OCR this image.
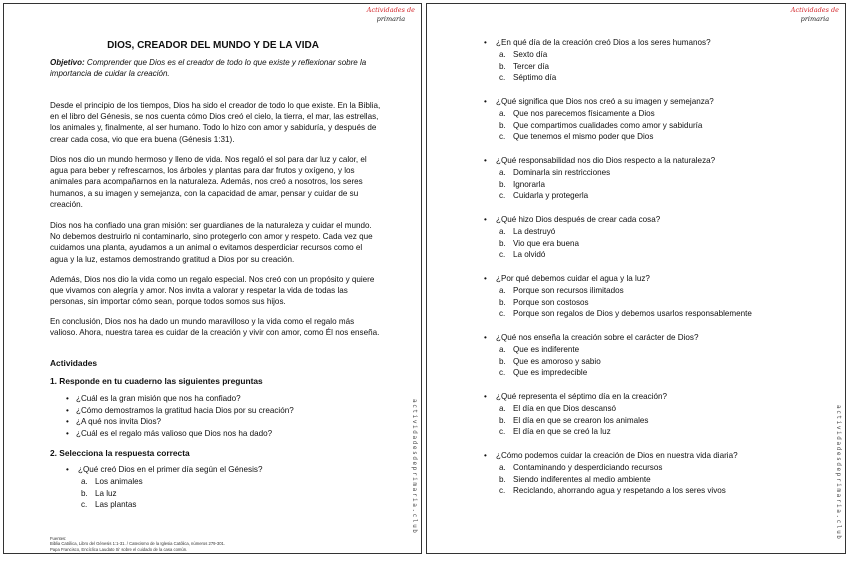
Actividades de
primaria
actividadesdeprimaria.club
DIOS, CREADOR DEL MUNDO Y DE LA VIDA
Objetivo: Comprender que Dios es el creador de todo lo que existe y reflexionar sobre la importancia de cuidar la creación.

Desde el principio de los tiempos, Dios ha sido el creador de todo lo que existe. En la Biblia, en el libro del Génesis, se nos cuenta cómo Dios creó el cielo, la tierra, el mar, las estrellas, los animales y, finalmente, al ser humano. Todo lo hizo con amor y sabiduría, y después de crear cada cosa, vio que era buena (Génesis 1:31).

Dios nos dio un mundo hermoso y lleno de vida. Nos regaló el sol para dar luz y calor, el agua para beber y refrescarnos, los árboles y plantas para dar frutos y oxígeno, y los animales para acompañarnos en la naturaleza. Además, nos creó a nosotros, los seres humanos, a su imagen y semejanza, con la capacidad de amar, pensar y cuidar de su creación.

Dios nos ha confiado una gran misión: ser guardianes de la naturaleza y cuidar el mundo. No debemos destruirlo ni contaminarlo, sino protegerlo con amor y respeto. Cada vez que cuidamos una planta, ayudamos a un animal o evitamos desperdiciar recursos como el agua y la luz, estamos demostrando gratitud a Dios por su creación.

Además, Dios nos dio la vida como un regalo especial. Nos creó con un propósito y quiere que vivamos con alegría y amor. Nos invita a valorar y respetar la vida de todas las personas, sin importar cómo sean, porque todos somos sus hijos.

En conclusión, Dios nos ha dado un mundo maravilloso y la vida como el regalo más valioso. Ahora, nuestra tarea es cuidar de la creación y vivir con amor, como Él nos enseña.

Actividades
1. Responde en tu cuaderno las siguientes preguntas
• ¿Cuál es la gran misión que nos ha confiado?
• ¿Cómo demostramos la gratitud hacia Dios por su creación?
• ¿A qué nos invita Dios?
• ¿Cuál es el regalo más valioso que Dios nos ha dado?
2. Selecciona la respuesta correcta
• ¿Qué creó Dios en el primer día según el Génesis?
a. Los animales
b. La luz
c. Las plantas
Fuentes:
Biblia Católica, Libro del Génesis 1:1-31. / Catecismo de la Iglesia Católica, números 279-301.
Papa Francisco, Encíclica Laudato Si' sobre el cuidado de la casa común.
Actividades de
primaria
actividadesdeprimaria.club
• ¿En qué día de la creación creó Dios a los seres humanos?
a. Sexto día
b. Tercer día
c. Séptimo día
• ¿Qué significa que Dios nos creó a su imagen y semejanza?
a. Que nos parecemos físicamente a Dios
b. Que compartimos cualidades como amor y sabiduría
c. Que tenemos el mismo poder que Dios
• ¿Qué responsabilidad nos dio Dios respecto a la naturaleza?
a. Dominarla sin restricciones
b. Ignorarla
c. Cuidarla y protegerla
• ¿Qué hizo Dios después de crear cada cosa?
a. La destruyó
b. Vio que era buena
c. La olvidó
• ¿Por qué debemos cuidar el agua y la luz?
a. Porque son recursos ilimitados
b. Porque son costosos
c. Porque son regalos de Dios y debemos usarlos responsablemente
• ¿Qué nos enseña la creación sobre el carácter de Dios?
a. Que es indiferente
b. Que es amoroso y sabio
c. Que es impredecible
• ¿Qué representa el séptimo día en la creación?
a. El día en que Dios descansó
b. El día en que se crearon los animales
c. El día en que se creó la luz
• ¿Cómo podemos cuidar la creación de Dios en nuestra vida diaria?
a. Contaminando y desperdiciando recursos
b. Siendo indiferentes al medio ambiente
c. Reciclando, ahorrando agua y respetando a los seres vivos
